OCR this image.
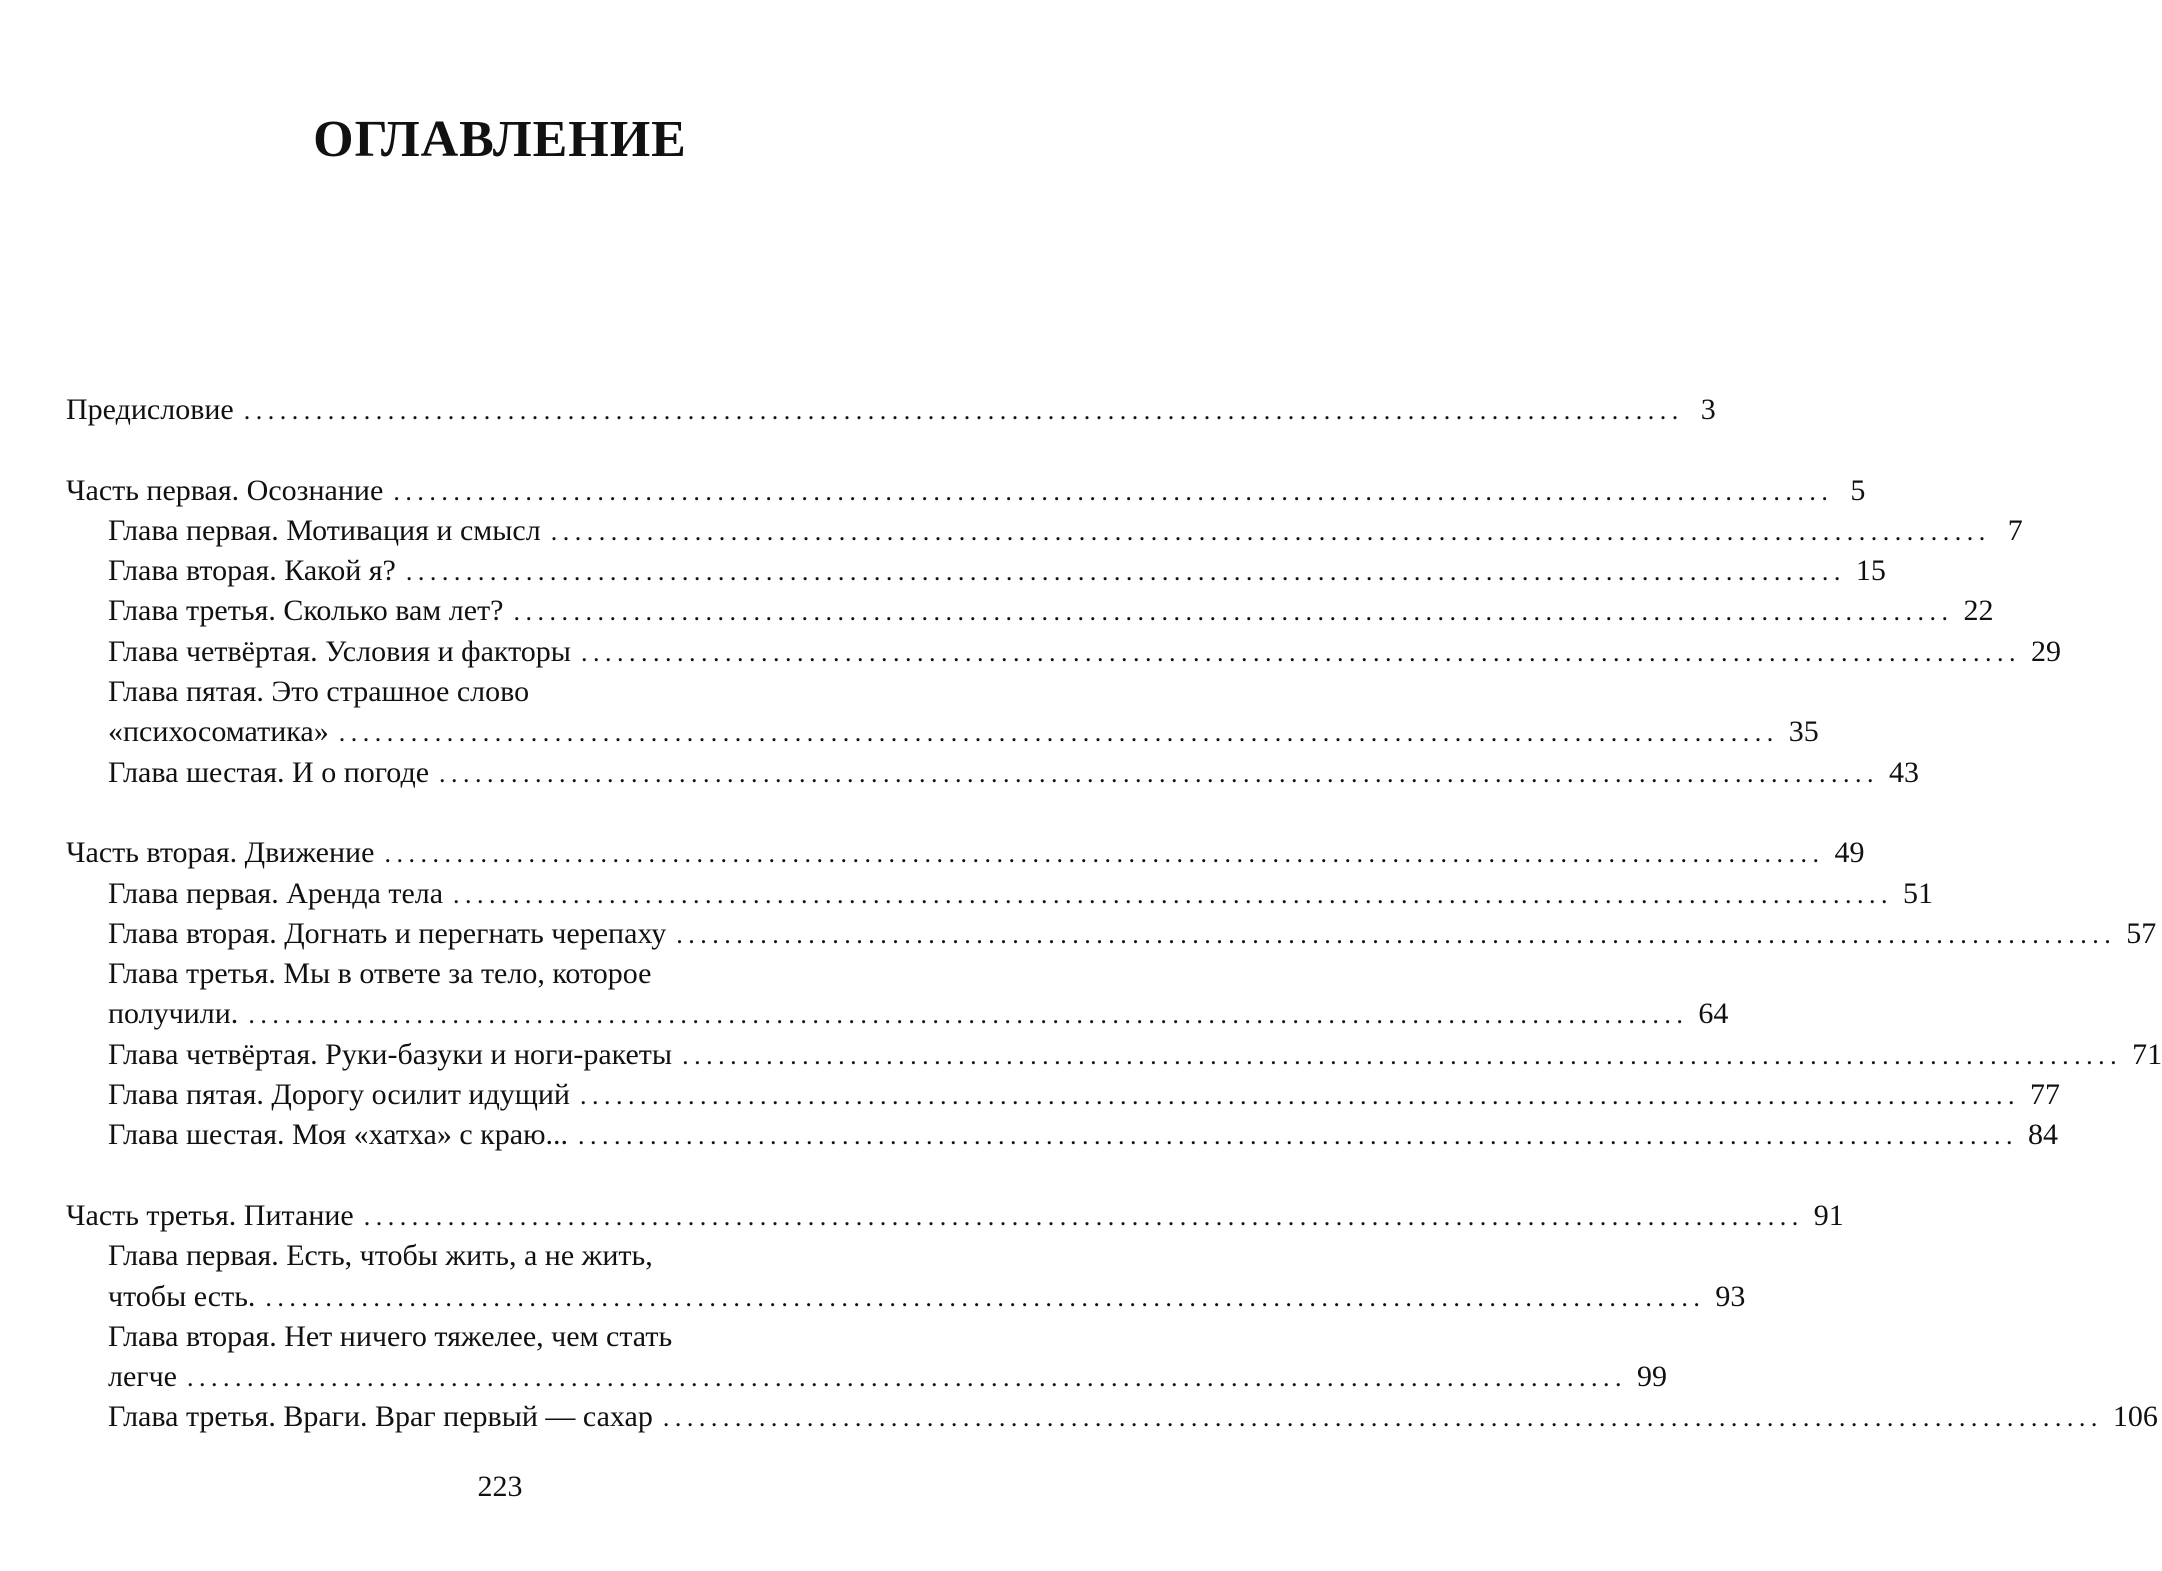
ОГЛАВЛЕНИЕ
Предисловие ........................................................................................................................ 3
Часть первая. Осознание ........................................................................................................................ 5
Глава первая. Мотивация и смысл ........................................................................................................................ 7
Глава вторая. Какой я? ........................................................................................................................ 15
Глава третья. Сколько вам лет? ........................................................................................................................ 22
Глава четвёртая. Условия и факторы ........................................................................................................................ 29
Глава пятая. Это страшное слово
«психосоматика» ........................................................................................................................ 35
Глава шестая. И о погоде ........................................................................................................................ 43
Часть вторая. Движение ........................................................................................................................ 49
Глава первая. Аренда тела ........................................................................................................................ 51
Глава вторая. Догнать и перегнать черепаху ........................................................................................................................ 57
Глава третья. Мы в ответе за тело, которое
получили. ........................................................................................................................ 64
Глава четвёртая. Руки-базуки и ноги-ракеты ........................................................................................................................ 71
Глава пятая. Дорогу осилит идущий ........................................................................................................................ 77
Глава шестая. Моя «хатха» с краю... ........................................................................................................................ 84
Часть третья. Питание ........................................................................................................................ 91
Глава первая. Есть, чтобы жить, а не жить,
чтобы есть. ........................................................................................................................ 93
Глава вторая. Нет ничего тяжелее, чем стать
легче ........................................................................................................................ 99
Глава третья. Враги. Враг первый — сахар ........................................................................................................................ 106
223
